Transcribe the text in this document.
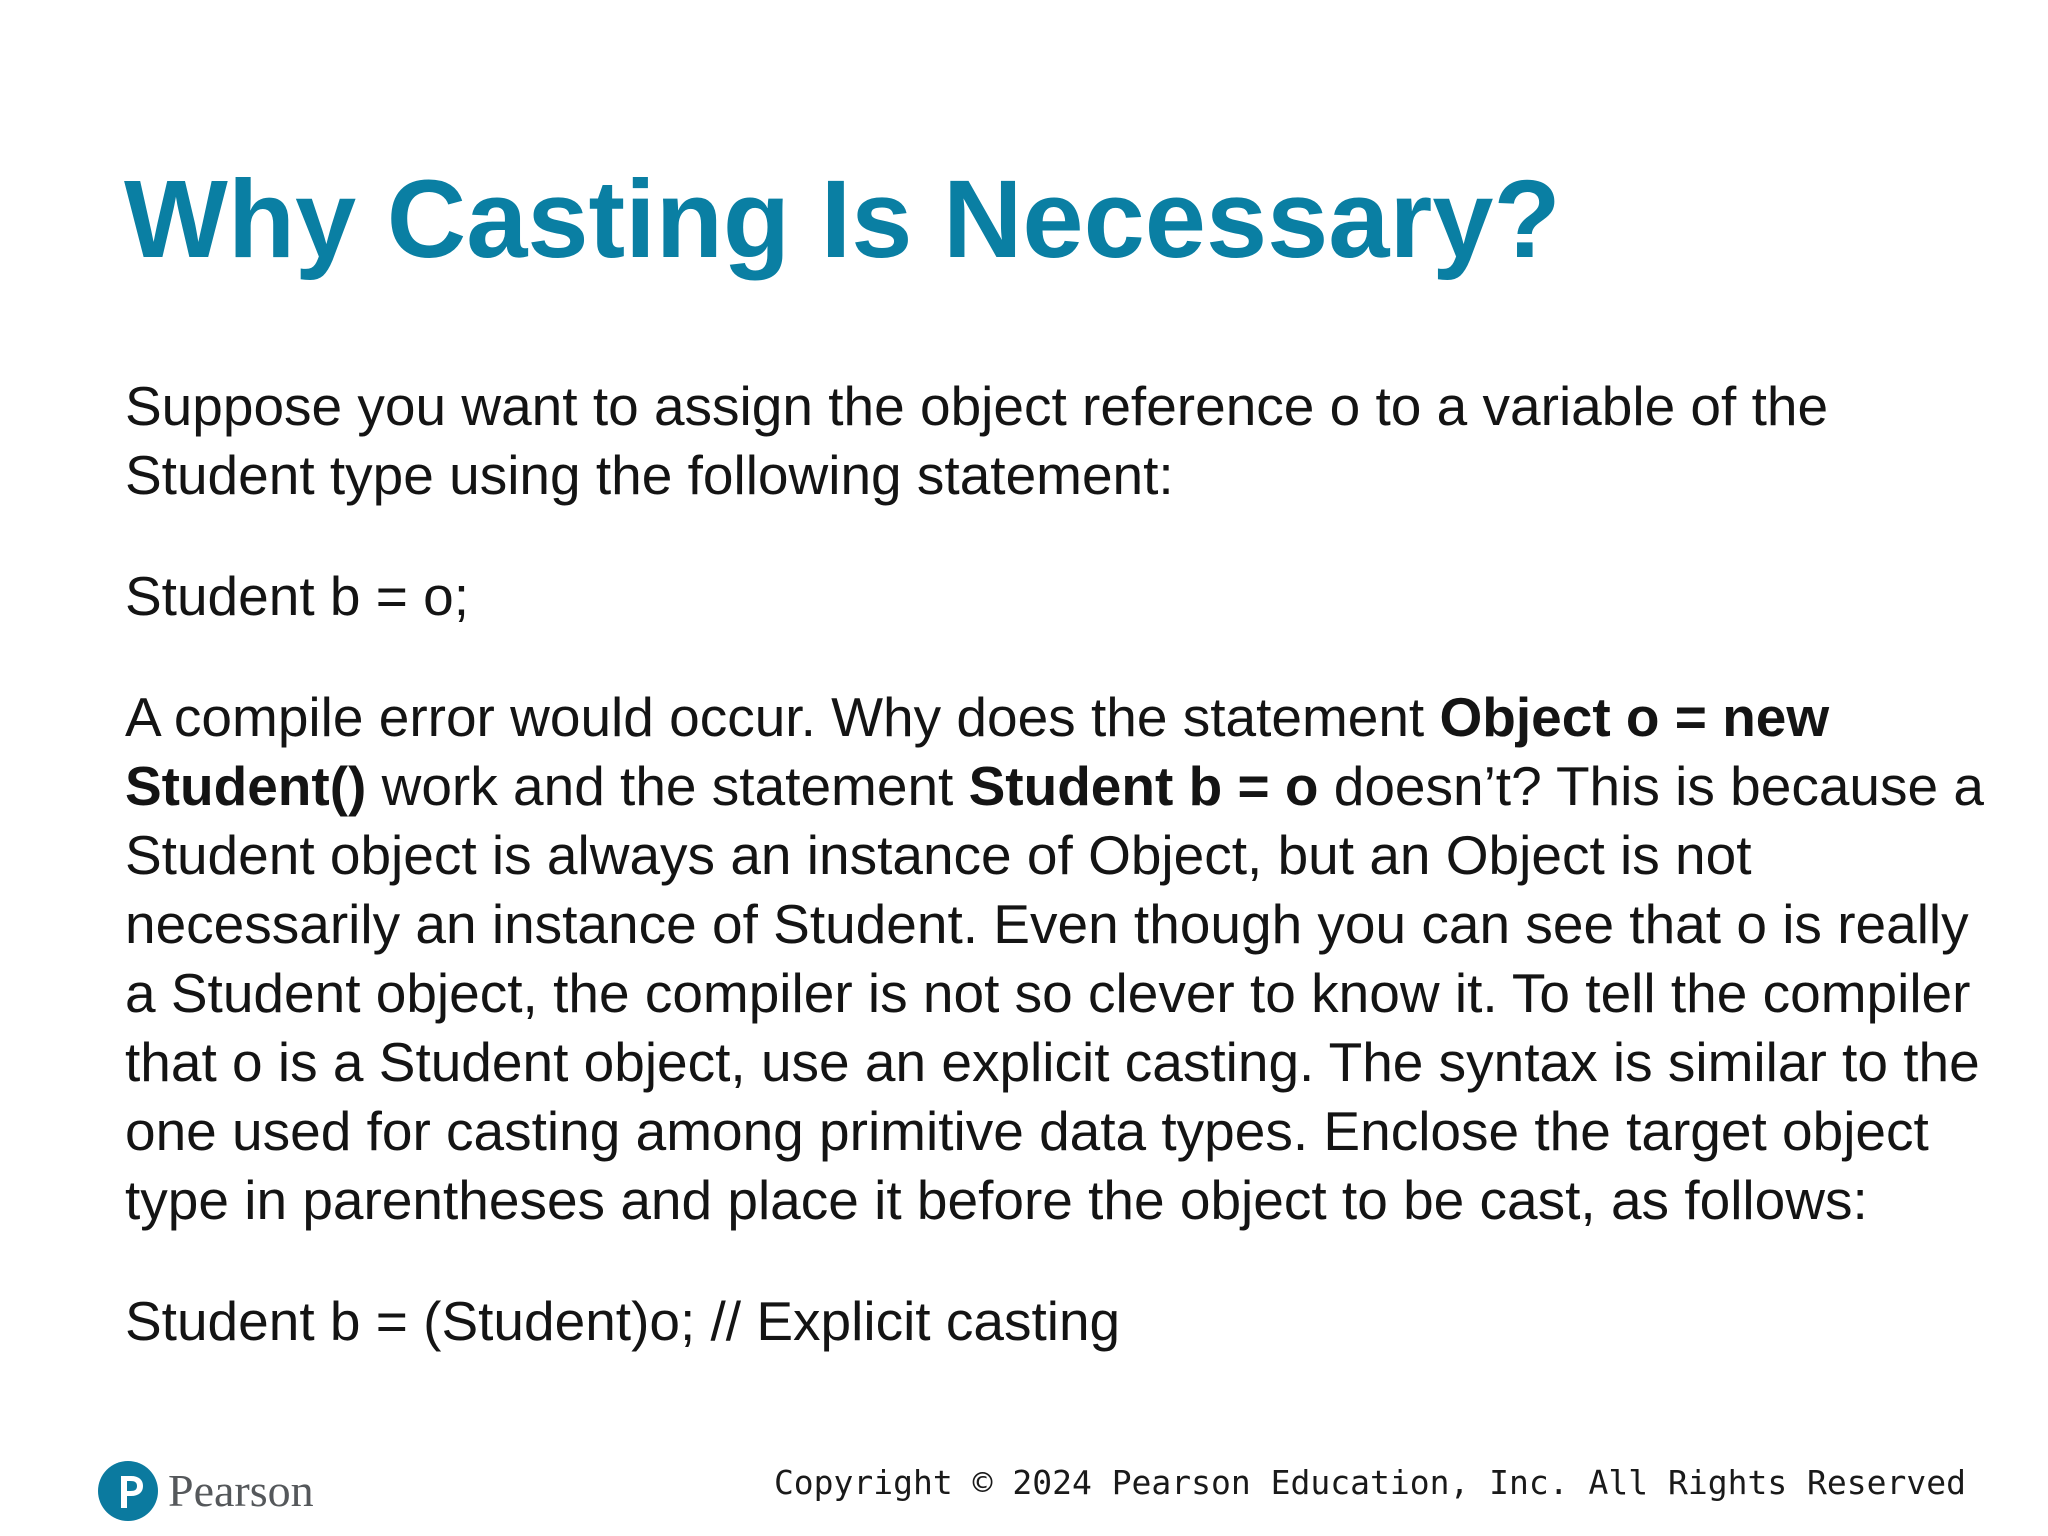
Why Casting Is Necessary?

Suppose you want to assign the object reference o to a variable of the Student type using the following statement:

Student b = o;

A compile error would occur. Why does the statement Object o = new Student() work and the statement Student b = o doesn’t? This is because a Student object is always an instance of Object, but an Object is not necessarily an instance of Student. Even though you can see that o is really a Student object, the compiler is not so clever to know it. To tell the compiler that o is a Student object, use an explicit casting. The syntax is similar to the one used for casting among primitive data types. Enclose the target object type in parentheses and place it before the object to be cast, as follows:

Student b = (Student)o; // Explicit casting

Pearson	Copyright © 2024 Pearson Education, Inc. All Rights Reserved
